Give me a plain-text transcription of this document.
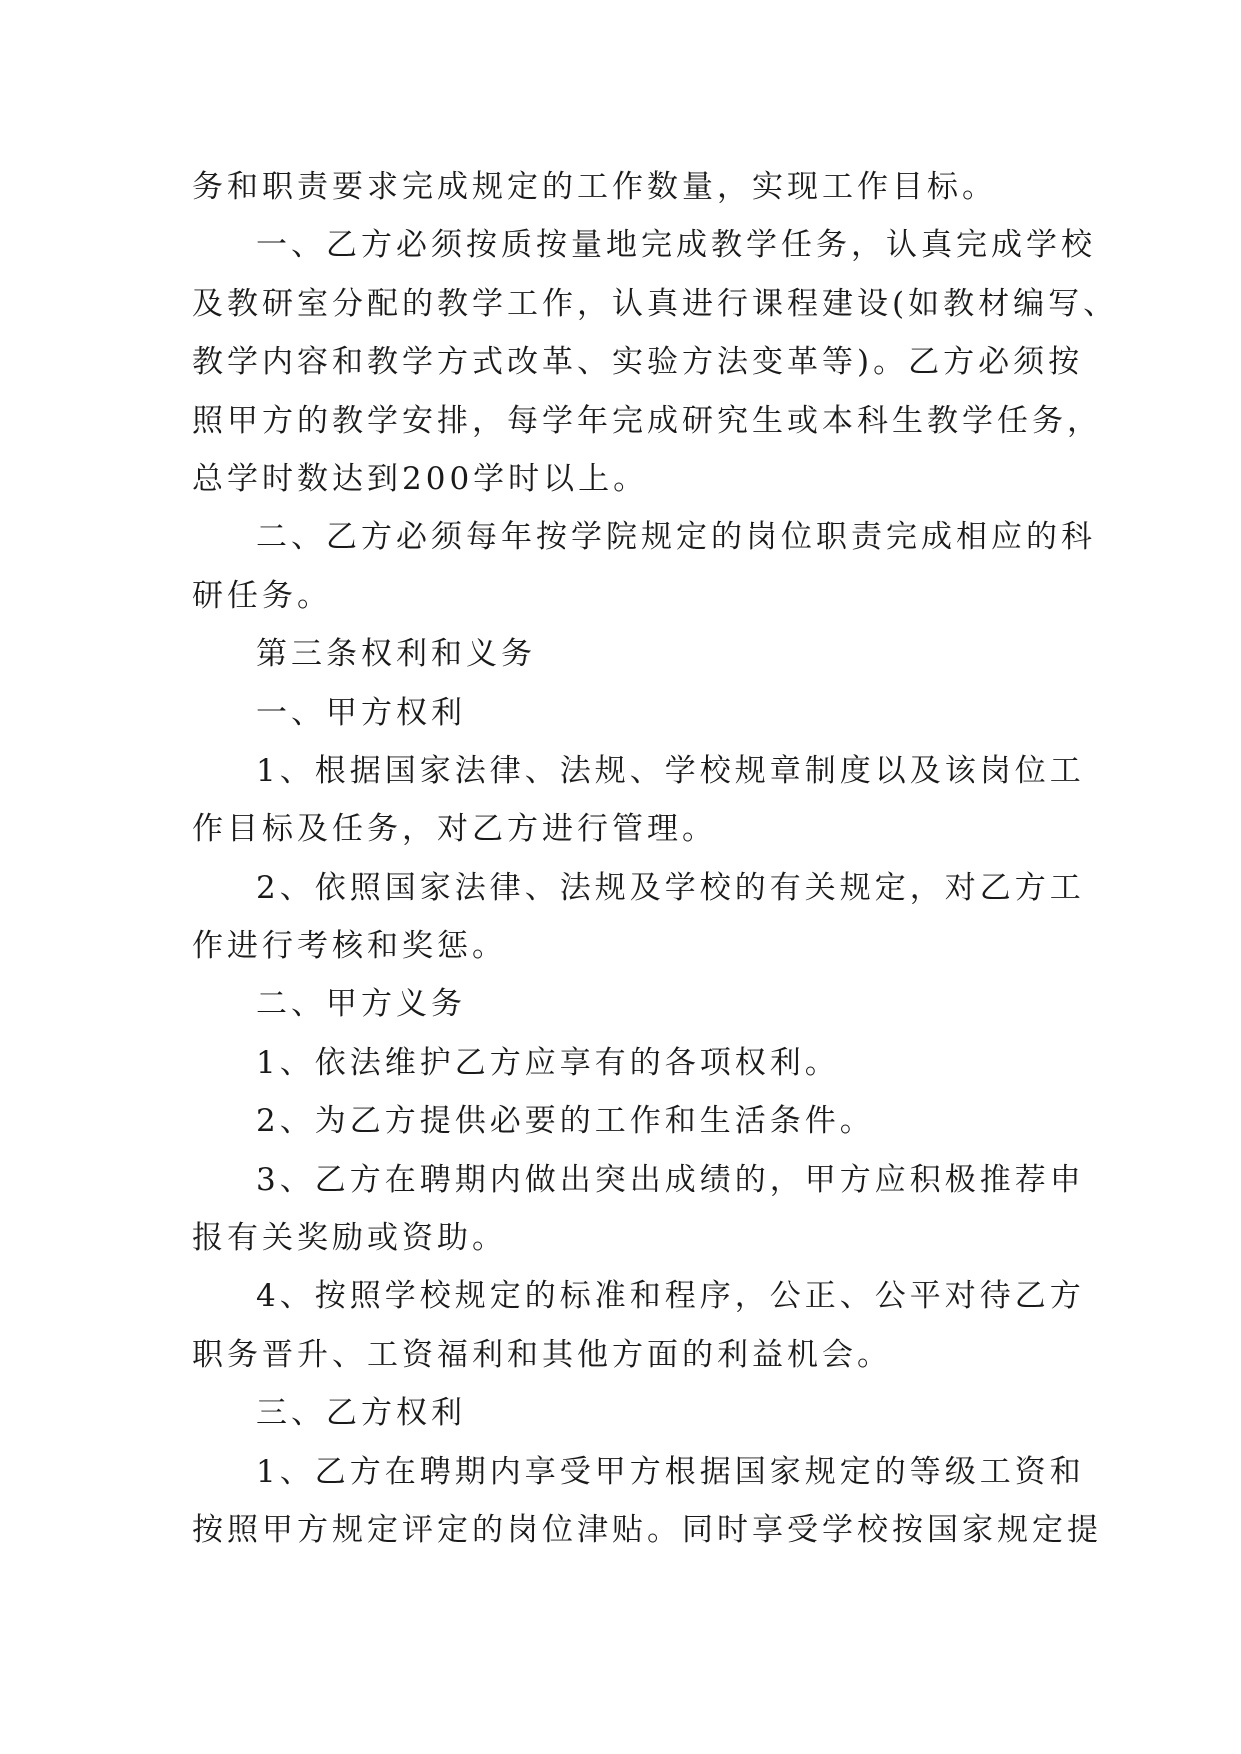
务和职责要求完成规定的工作数量，实现工作目标。
一、乙方必须按质按量地完成教学任务，认真完成学校
及教研室分配的教学工作，认真进行课程建设(如教材编写、
教学内容和教学方式改革、实验方法变革等)。乙方必须按
照甲方的教学安排，每学年完成研究生或本科生教学任务，
总学时数达到200学时以上。
二、乙方必须每年按学院规定的岗位职责完成相应的科
研任务。
第三条权利和义务
一、甲方权利
1、根据国家法律、法规、学校规章制度以及该岗位工
作目标及任务，对乙方进行管理。
2、依照国家法律、法规及学校的有关规定，对乙方工
作进行考核和奖惩。
二、甲方义务
1、依法维护乙方应享有的各项权利。
2、为乙方提供必要的工作和生活条件。
3、乙方在聘期内做出突出成绩的，甲方应积极推荐申
报有关奖励或资助。
4、按照学校规定的标准和程序，公正、公平对待乙方
职务晋升、工资福利和其他方面的利益机会。
三、乙方权利
1、乙方在聘期内享受甲方根据国家规定的等级工资和
按照甲方规定评定的岗位津贴。同时享受学校按国家规定提
